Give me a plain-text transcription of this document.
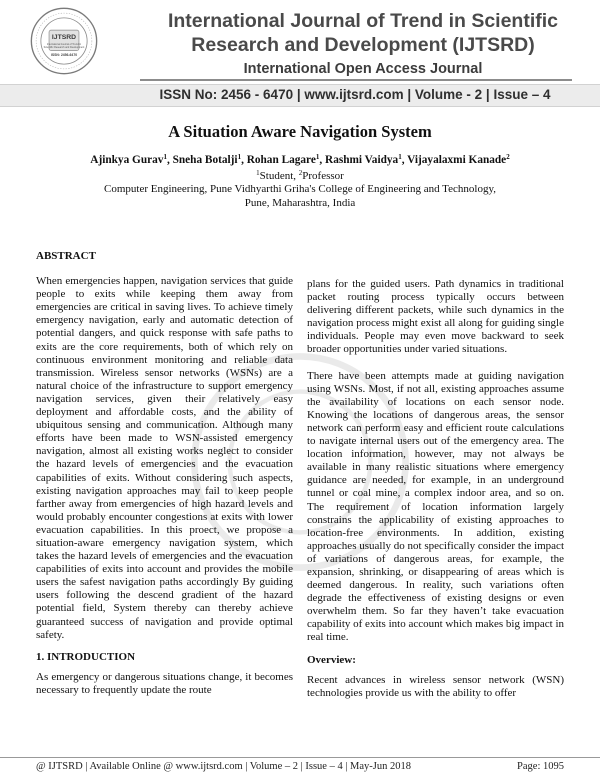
IJTSRD
International Journal of Trend in
Scientific Research and Development
ISSN: 2456-6470
International Journal of Trend in Scientific
Research and Development (IJTSRD)
International Open Access Journal
ISSN No: 2456 - 6470 | www.ijtsrd.com | Volume - 2 | Issue – 4
A Situation Aware Navigation System
Ajinkya Gurav$^1$, Sneha Botalji$^1$, Rohan Lagare$^1$, Rashmi Vaidya$^1$, Vijayalaxmi Kanade$^2$
$^1$Student, $^2$Professor
Computer Engineering, Pune Vidhyarthi Griha's College of Engineering and Technology,
Pune, Maharashtra, India
ABSTRACT

When emergencies happen, navigation services that guide people to exits while keeping them away from emergencies are critical in saving lives. To achieve timely emergency navigation, early and automatic detection of potential dangers, and quick response with safe paths to exits are the core requirements, both of which rely on continuous environment monitoring and reliable data transmission. Wireless sensor networks (WSNs) are a natural choice of the infrastructure to support emergency navigation services, given their relatively easy deployment and affordable costs, and the ability of ubiquitous sensing and communication. Although many efforts have been made to WSN-assisted emergency navigation, almost all existing works neglect to consider the hazard levels of emergencies and the evacuation capabilities of exits. Without considering such aspects, existing navigation approaches may fail to keep people farther away from emergencies of high hazard levels and would probably encounter congestions at exits with lower evacuation capabilities. In this proect, we propose a situation-aware emergency navigation system, which takes the hazard levels of emergencies and the evacuation capabilities of exits into account and provides the mobile users the safest navigation paths accordingly By guiding users following the descend gradient of the hazard potential field, System thereby can thereby achieve guaranteed success of navigation and provide optimal safety.

1. INTRODUCTION

As emergency or dangerous situations change, it becomes necessary to frequently update the route

plans for the guided users. Path dynamics in traditional packet routing process typically occurs between delivering different packets, while such dynamics in the navigation process might exist all along for guiding single individuals. People may even move backward to seek broader opportunities under varied situations.

There have been attempts made at guiding navigation using WSNs. Most, if not all, existing approaches assume the availability of locations on each sensor node. Knowing the locations of dangerous areas, the sensor network can perform easy and efficient route calculations to navigate internal users out of the emergency area. The location information, however, may not always be available in many realistic situations where emergency guidance are needed, for example, in an underground tunnel or coal mine, a complex indoor area, and so on. The requirement of location information largely constrains the applicability of existing approaches to location-free environments. In addition, existing approaches usually do not specifically consider the impact of variations of dangerous areas, for example, the expansion, shrinking, or disappearing of areas which is deemed dangerous. In reality, such variations often degrade the effectiveness of existing designs or even overwhelm them. So far they haven’t take evacuation capability of exits into account which makes big impact in real time.

Overview:

Recent advances in wireless sensor network (WSN) technologies provide us with the ability to offer

@ IJTSRD | Available Online @ www.ijtsrd.com | Volume – 2 | Issue – 4 | May-Jun 2018	Page: 1095
